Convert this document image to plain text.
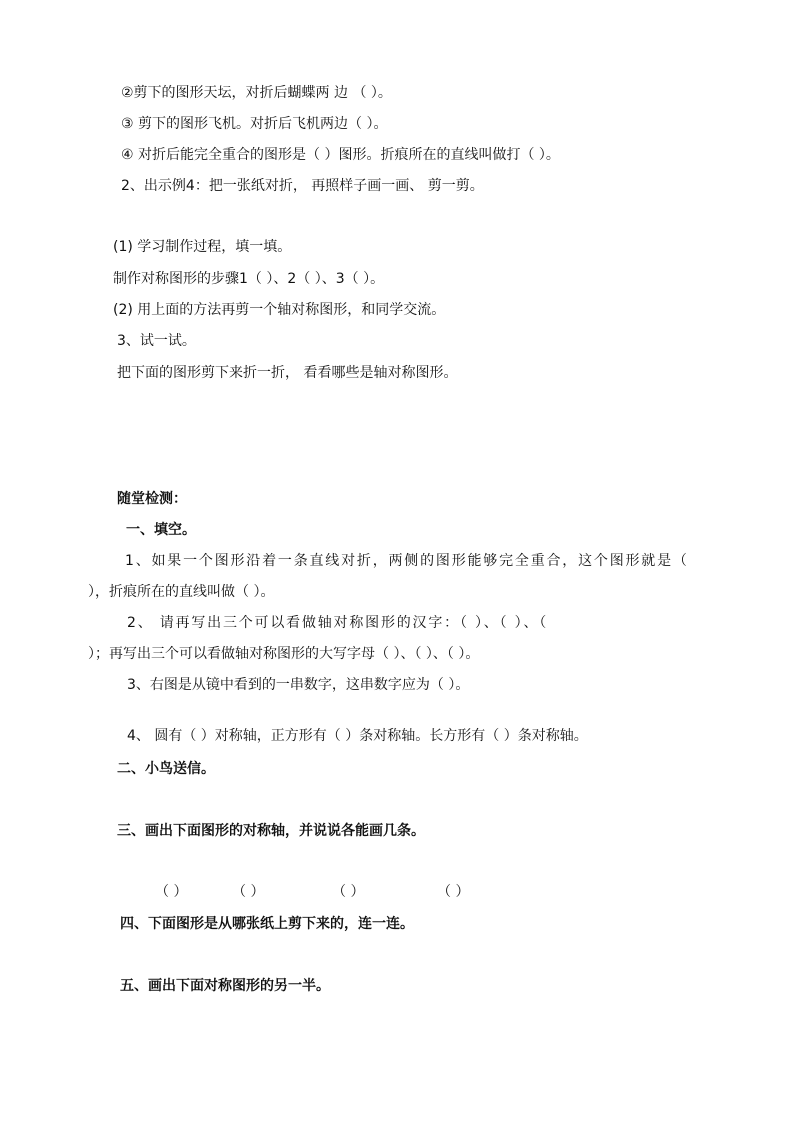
②剪下的图形天坛，对折后蝴蝶两 边 （ ）。
③ 剪下的图形飞机。对折后飞机两边（ ）。
④ 对折后能完全重合的图形是（ ）图形。折痕所在的直线叫做打（ ）。
2、出示例4：把一张纸对折， 再照样子画一画、 剪一剪。
(1) 学习制作过程，填一填。
制作对称图形的步骤1（ ）、2（ ）、3（ ）。
(2) 用上面的方法再剪一个轴对称图形，和同学交流。
3、试一试。
把下面的图形剪下来折一折， 看看哪些是轴对称图形。
随堂检测：
一、填空。
1、如果一个图形沿着一条直线对折，两侧的图形能够完全重合，这个图形就是（
），折痕所在的直线叫做（ ）。
2、 请再写出三个可以看做轴对称图形的汉字：（ ）、（ ）、（
）；再写出三个可以看做轴对称图形的大写字母（ ）、（ ）、（ ）。
3、右图是从镜中看到的一串数字，这串数字应为（ ）。
4、 圆有（ ）对称轴，正方形有（ ）条对称轴。长方形有（ ）条对称轴。
二、小鸟送信。
三、画出下面图形的对称轴，并说说各能画几条。
（ ）	（ ）	（ ）	（ ）
四、下面图形是从哪张纸上剪下来的，连一连。
五、画出下面对称图形的另一半。
